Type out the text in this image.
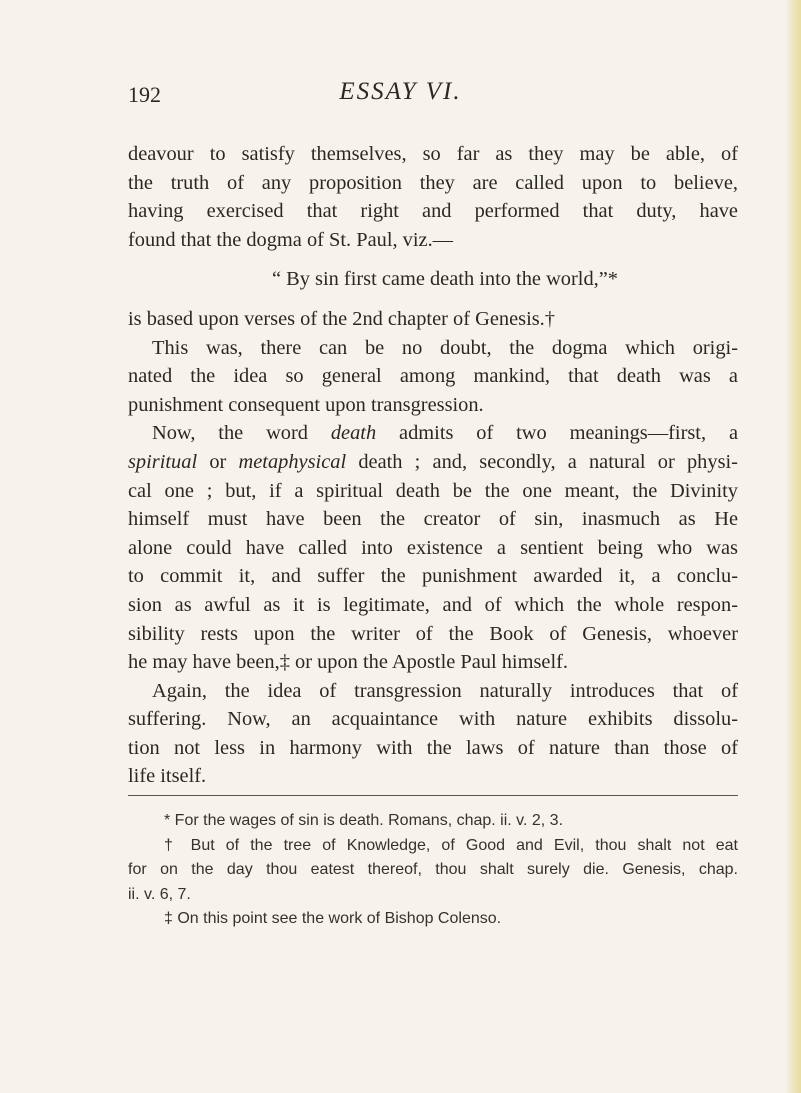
192	ESSAY VI.
deavour to satisfy themselves, so far as they may be able, of
the truth of any proposition they are called upon to believe,
having exercised that right and performed that duty, have
found that the dogma of St. Paul, viz.—
“ By sin first came death into the world,”*
is based upon verses of the 2nd chapter of Genesis.†
This was, there can be no doubt, the dogma which origi-
nated the idea so general among mankind, that death was a
punishment consequent upon transgression.
Now, the word death admits of two meanings—first, a
spiritual or metaphysical death ; and, secondly, a natural or physi-
cal one ; but, if a spiritual death be the one meant, the Divinity
himself must have been the creator of sin, inasmuch as He
alone could have called into existence a sentient being who was
to commit it, and suffer the punishment awarded it, a conclu-
sion as awful as it is legitimate, and of which the whole respon-
sibility rests upon the writer of the Book of Genesis, whoever
he may have been,‡ or upon the Apostle Paul himself.
Again, the idea of transgression naturally introduces that of
suffering. Now, an acquaintance with nature exhibits dissolu-
tion not less in harmony with the laws of nature than those of
life itself.
* For the wages of sin is death. Romans, chap. ii. v. 2, 3.
† But of the tree of Knowledge, of Good and Evil, thou shalt not eat
for on the day thou eatest thereof, thou shalt surely die. Genesis, chap.
ii. v. 6, 7.
‡ On this point see the work of Bishop Colenso.
